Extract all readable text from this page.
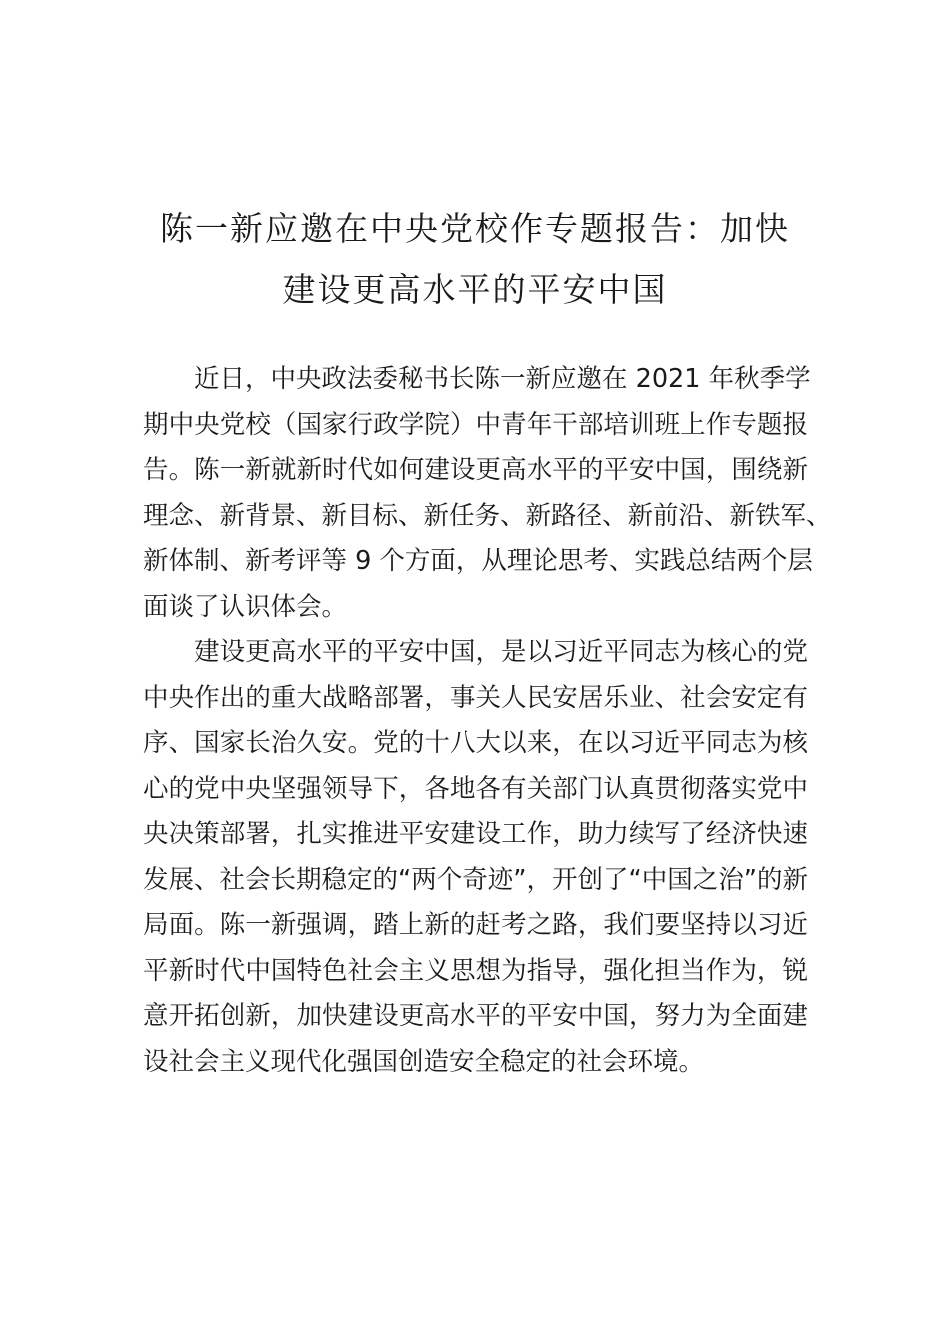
陈一新应邀在中央党校作专题报告：加快
建设更高水平的平安中国
近日，中央政法委秘书长陈一新应邀在 2021 年秋季学
期中央党校（国家行政学院）中青年干部培训班上作专题报
告。陈一新就新时代如何建设更高水平的平安中国，围绕新
理念、新背景、新目标、新任务、新路径、新前沿、新铁军、
新体制、新考评等 9 个方面，从理论思考、实践总结两个层
面谈了认识体会。
建设更高水平的平安中国，是以习近平同志为核心的党
中央作出的重大战略部署，事关人民安居乐业、社会安定有
序、国家长治久安。党的十八大以来，在以习近平同志为核
心的党中央坚强领导下，各地各有关部门认真贯彻落实党中
央决策部署，扎实推进平安建设工作，助力续写了经济快速
发展、社会长期稳定的“两个奇迹”，开创了“中国之治”的新
局面。陈一新强调，踏上新的赶考之路，我们要坚持以习近
平新时代中国特色社会主义思想为指导，强化担当作为，锐
意开拓创新，加快建设更高水平的平安中国，努力为全面建
设社会主义现代化强国创造安全稳定的社会环境。
